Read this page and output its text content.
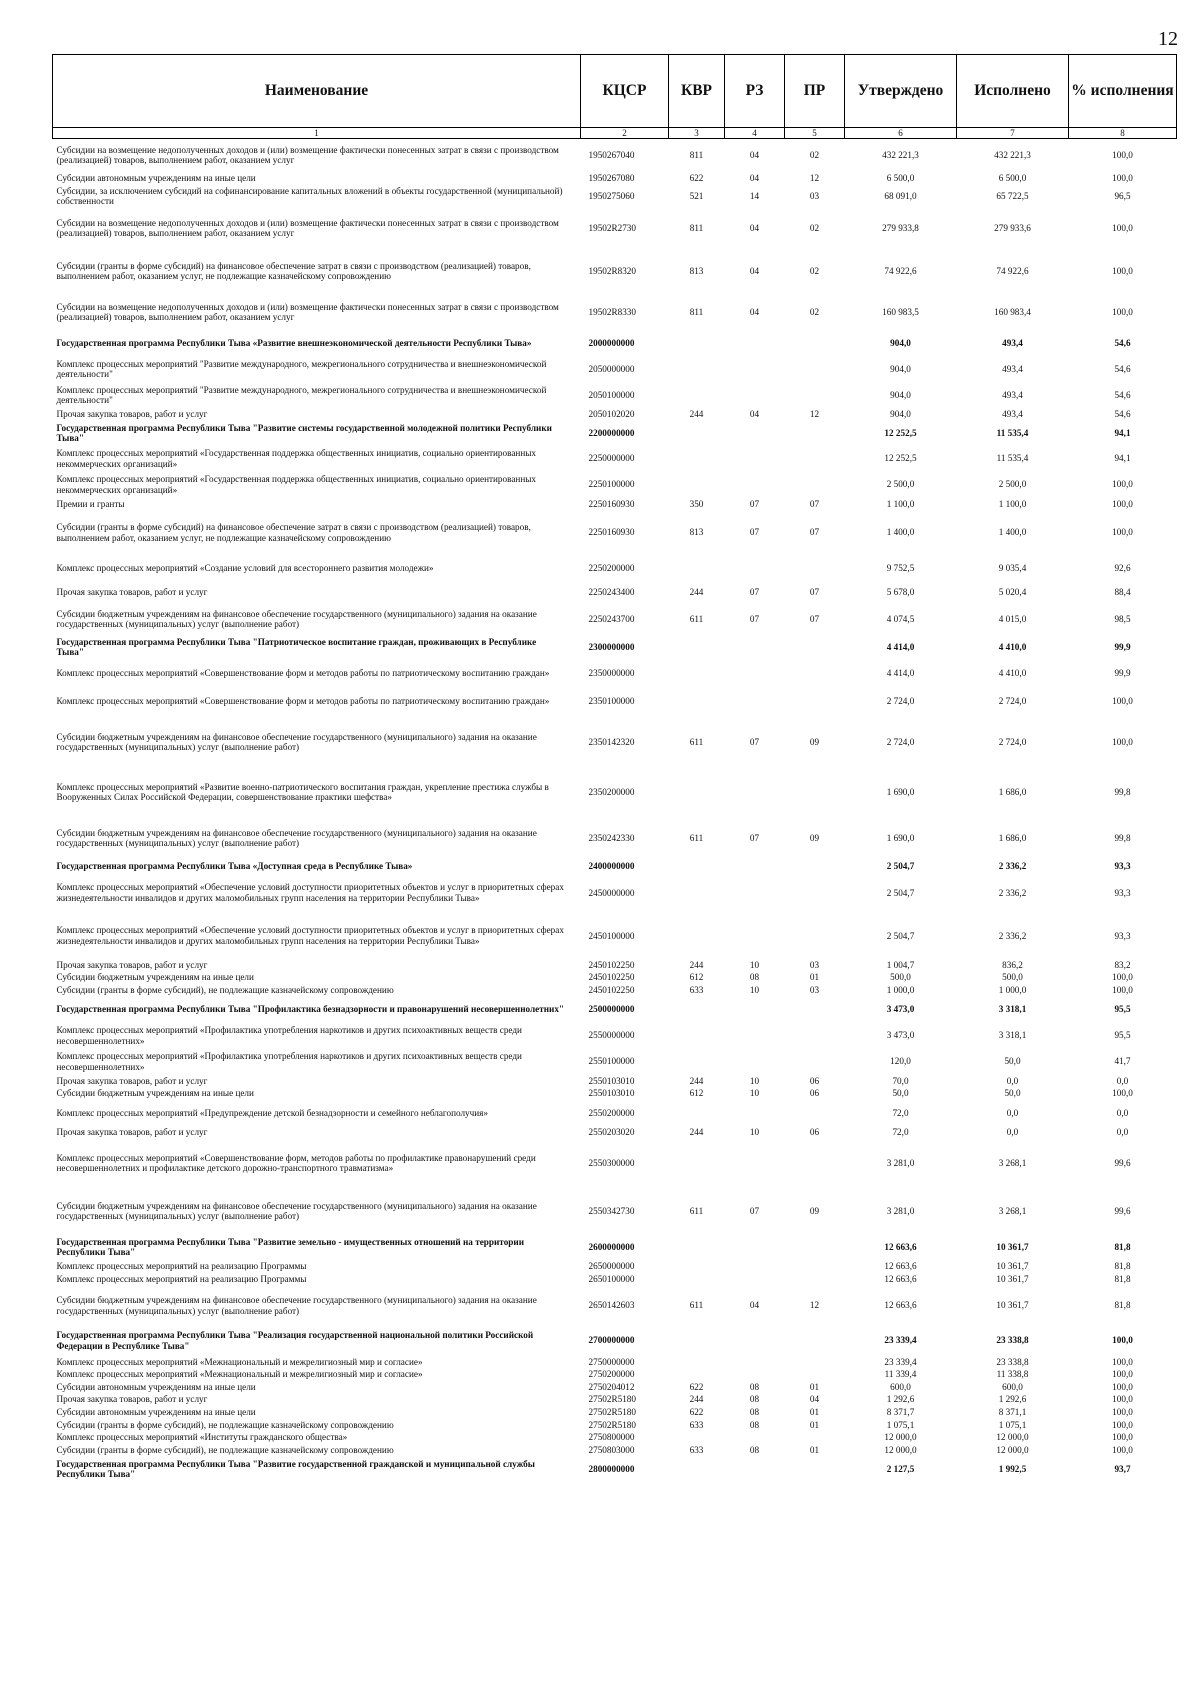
12
Наименование	КЦСР	КВР	РЗ	ПР	Утверждено	Исполнено	% исполнения
1	2	3	4	5	6	7	8
Субсидии на возмещение недополученных доходов и (или) возмещение фактически понесенных затрат в связи с производством (реализацией) товаров, выполнением работ, оказанием услуг	1950267040	811	04	02	432 221,3	432 221,3	100,0
Субсидии автономным учреждениям на иные цели	1950267080	622	04	12	6 500,0	6 500,0	100,0
Субсидии, за исключением субсидий на софинансирование капитальных вложений в объекты государственной (муниципальной) собственности	1950275060	521	14	03	68 091,0	65 722,5	96,5
Субсидии на возмещение недополученных доходов и (или) возмещение фактически понесенных затрат в связи с производством (реализацией) товаров, выполнением работ, оказанием услуг	19502R2730	811	04	02	279 933,8	279 933,6	100,0
Субсидии (гранты в форме субсидий) на финансовое обеспечение затрат в связи с производством (реализацией) товаров, выполнением работ, оказанием услуг, не подлежащие казначейскому сопровождению	19502R8320	813	04	02	74 922,6	74 922,6	100,0
Субсидии на возмещение недополученных доходов и (или) возмещение фактически понесенных затрат в связи с производством (реализацией) товаров, выполнением работ, оказанием услуг	19502R8330	811	04	02	160 983,5	160 983,4	100,0
Государственная программа Республики Тыва «Развитие внешнеэкономической деятельности Республики Тыва»	2000000000				904,0	493,4	54,6
Комплекс процессных мероприятий "Развитие международного, межрегионального сотрудничества и внешнеэкономической деятельности"	2050000000				904,0	493,4	54,6
Комплекс процессных мероприятий "Развитие международного, межрегионального сотрудничества и внешнеэкономической деятельности"	2050100000				904,0	493,4	54,6
Прочая закупка товаров, работ и услуг	2050102020	244	04	12	904,0	493,4	54,6
Государственная программа Республики Тыва "Развитие системы государственной молодежной политики Республики Тыва"	2200000000				12 252,5	11 535,4	94,1
Комплекс процессных мероприятий «Государственная поддержка общественных инициатив, социально ориентированных некоммерческих организаций»	2250000000				12 252,5	11 535,4	94,1
Комплекс процессных мероприятий «Государственная поддержка общественных инициатив, социально ориентированных некоммерческих организаций»	2250100000				2 500,0	2 500,0	100,0
Премии и гранты	2250160930	350	07	07	1 100,0	1 100,0	100,0
Субсидии (гранты в форме субсидий) на финансовое обеспечение затрат в связи с производством (реализацией) товаров, выполнением работ, оказанием услуг, не подлежащие казначейскому сопровождению	2250160930	813	07	07	1 400,0	1 400,0	100,0
Комплекс процессных мероприятий «Создание условий для всестороннего развития молодежи»	2250200000				9 752,5	9 035,4	92,6
Прочая закупка товаров, работ и услуг	2250243400	244	07	07	5 678,0	5 020,4	88,4
Субсидии бюджетным учреждениям на финансовое обеспечение государственного (муниципального) задания на оказание государственных (муниципальных) услуг (выполнение работ)	2250243700	611	07	07	4 074,5	4 015,0	98,5
Государственная программа Республики Тыва "Патриотическое воспитание граждан, проживающих в Республике Тыва"	2300000000				4 414,0	4 410,0	99,9
Комплекс процессных мероприятий «Совершенствование форм и методов работы по патриотическому воспитанию граждан»	2350000000				4 414,0	4 410,0	99,9
Комплекс процессных мероприятий «Совершенствование форм и методов работы по патриотическому воспитанию граждан»	2350100000				2 724,0	2 724,0	100,0
Субсидии бюджетным учреждениям на финансовое обеспечение государственного (муниципального) задания на оказание государственных (муниципальных) услуг (выполнение работ)	2350142320	611	07	09	2 724,0	2 724,0	100,0
Комплекс процессных мероприятий «Развитие военно-патриотического воспитания граждан, укрепление престижа службы в Вооруженных Силах Российской Федерации, совершенствование практики шефства»	2350200000				1 690,0	1 686,0	99,8
Субсидии бюджетным учреждениям на финансовое обеспечение государственного (муниципального) задания на оказание государственных (муниципальных) услуг (выполнение работ)	2350242330	611	07	09	1 690,0	1 686,0	99,8
Государственная программа Республики Тыва «Доступная среда в Республике Тыва»	2400000000				2 504,7	2 336,2	93,3
Комплекс процессных мероприятий «Обеспечение условий доступности приоритетных объектов и услуг в приоритетных сферах жизнедеятельности инвалидов и других маломобильных групп населения на территории Республики Тыва»	2450000000				2 504,7	2 336,2	93,3
Комплекс процессных мероприятий «Обеспечение условий доступности приоритетных объектов и услуг в приоритетных сферах жизнедеятельности инвалидов и других маломобильных групп населения на территории Республики Тыва»	2450100000				2 504,7	2 336,2	93,3
Прочая закупка товаров, работ и услуг	2450102250	244	10	03	1 004,7	836,2	83,2
Субсидии бюджетным учреждениям на иные цели	2450102250	612	08	01	500,0	500,0	100,0
Субсидии (гранты в форме субсидий), не подлежащие казначейскому сопровождению	2450102250	633	10	03	1 000,0	1 000,0	100,0
Государственная программа Республики Тыва "Профилактика безнадзорности и правонарушений несовершеннолетних"	2500000000				3 473,0	3 318,1	95,5
Комплекс процессных мероприятий «Профилактика употребления наркотиков и других психоактивных веществ среди несовершеннолетних»	2550000000				3 473,0	3 318,1	95,5
Комплекс процессных мероприятий «Профилактика употребления наркотиков и других психоактивных веществ среди несовершеннолетних»	2550100000				120,0	50,0	41,7
Прочая закупка товаров, работ и услуг	2550103010	244	10	06	70,0	0,0	0,0
Субсидии бюджетным учреждениям на иные цели	2550103010	612	10	06	50,0	50,0	100,0
Комплекс процессных мероприятий «Предупреждение детской безнадзорности и семейного неблагополучия»	2550200000				72,0	0,0	0,0
Прочая закупка товаров, работ и услуг	2550203020	244	10	06	72,0	0,0	0,0
Комплекс процессных мероприятий «Совершенствование форм, методов работы по профилактике правонарушений среди несовершеннолетних и профилактике детского дорожно-транспортного травматизма»	2550300000				3 281,0	3 268,1	99,6
Субсидии бюджетным учреждениям на финансовое обеспечение государственного (муниципального) задания на оказание государственных (муниципальных) услуг (выполнение работ)	2550342730	611	07	09	3 281,0	3 268,1	99,6
Государственная программа Республики Тыва "Развитие земельно - имущественных отношений на территории Республики Тыва"	2600000000				12 663,6	10 361,7	81,8
Комплекс процессных мероприятий на реализацию Программы	2650000000				12 663,6	10 361,7	81,8
Комплекс процессных мероприятий на реализацию Программы	2650100000				12 663,6	10 361,7	81,8
Субсидии бюджетным учреждениям на финансовое обеспечение государственного (муниципального) задания на оказание государственных (муниципальных) услуг (выполнение работ)	2650142603	611	04	12	12 663,6	10 361,7	81,8
Государственная программа Республики Тыва "Реализация государственной национальной политики Российской Федерации в Республике Тыва"	2700000000				23 339,4	23 338,8	100,0
Комплекс процессных мероприятий «Межнациональный и межрелигиозный мир и согласие»	2750000000				23 339,4	23 338,8	100,0
Комплекс процессных мероприятий «Межнациональный и межрелигиозный мир и согласие»	2750200000				11 339,4	11 338,8	100,0
Субсидии автономным учреждениям на иные цели	2750204012	622	08	01	600,0	600,0	100,0
Прочая закупка товаров, работ и услуг	27502R5180	244	08	04	1 292,6	1 292,6	100,0
Субсидии автономным учреждениям на иные цели	27502R5180	622	08	01	8 371,7	8 371,1	100,0
Субсидии (гранты в форме субсидий), не подлежащие казначейскому сопровождению	27502R5180	633	08	01	1 075,1	1 075,1	100,0
Комплекс процессных мероприятий «Институты гражданского общества»	2750800000				12 000,0	12 000,0	100,0
Субсидии (гранты в форме субсидий), не подлежащие казначейскому сопровождению	2750803000	633	08	01	12 000,0	12 000,0	100,0
Государственная программа Республики Тыва "Развитие государственной гражданской и муниципальной службы Республики Тыва"	2800000000				2 127,5	1 992,5	93,7
